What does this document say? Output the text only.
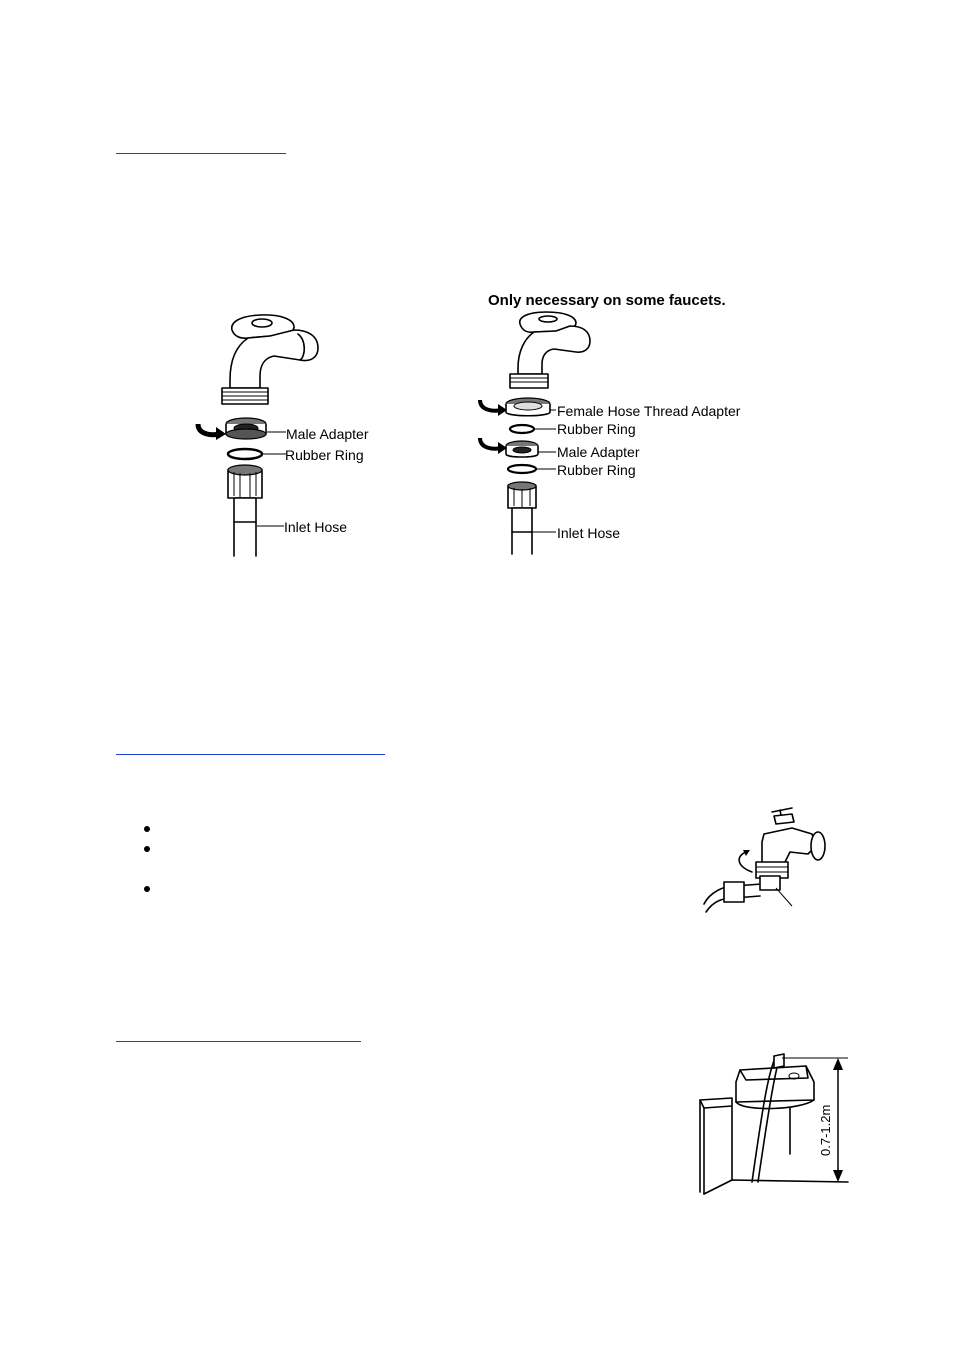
Male Adapter
Rubber Ring
Inlet Hose
Only necessary on some faucets.
Female Hose Thread Adapter
Rubber Ring
Male Adapter
Rubber Ring
Inlet Hose
0.7-1.2m
